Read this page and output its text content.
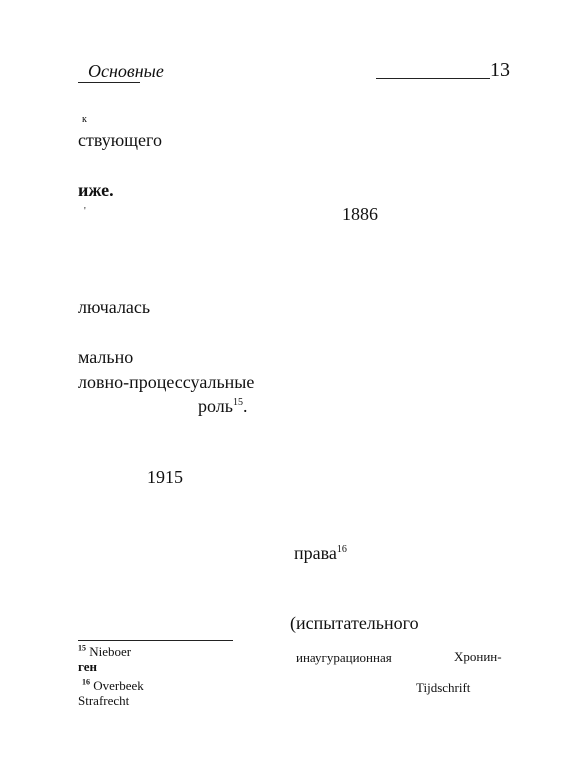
Основные	13
к
ствующего
иже.
'	1886
лючалась
мально
ловно-процессуальные
роль$^{15}$.
1915
права$^{16}$
(испытательного
$^{15}$ Nieboer	инаугурационная	Хронин-
ген
$^{16}$ Overbeek	Tijdschrift
Strafrecht
